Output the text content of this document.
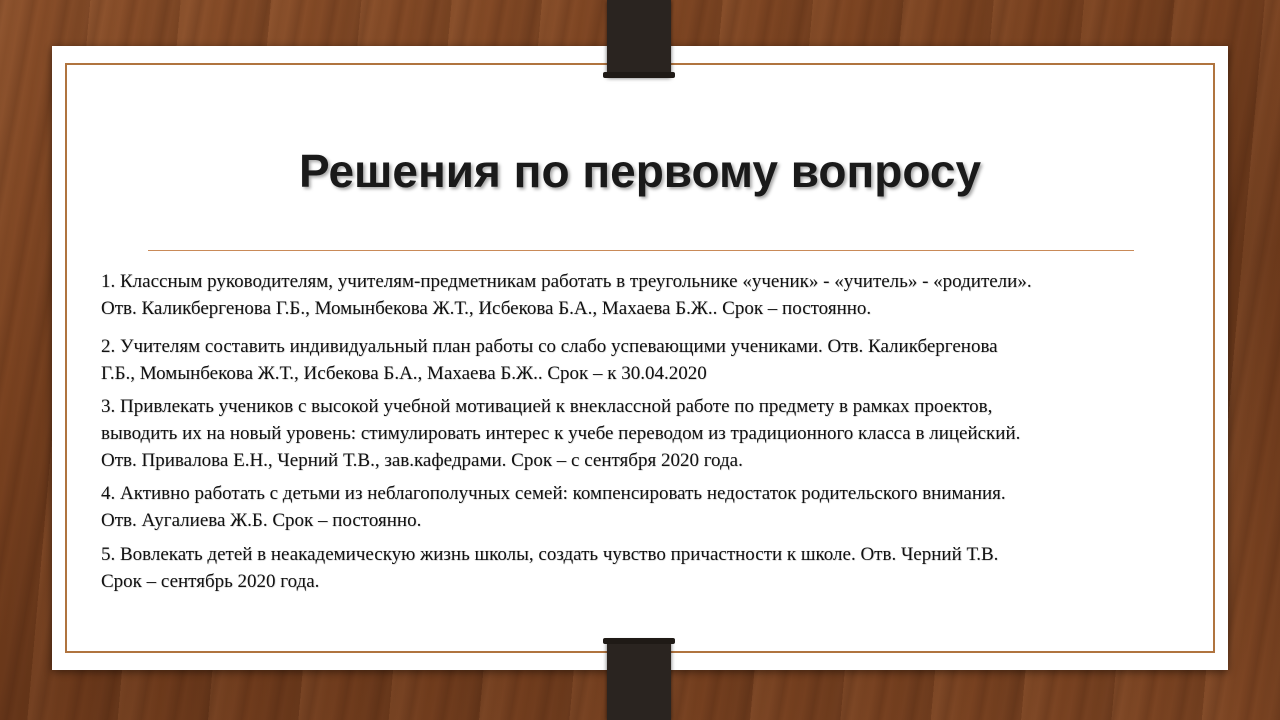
Решения по первому вопросу
1. Классным руководителям, учителям-предметникам работать в треугольнике «ученик» - «учитель» - «родители».
Отв. Каликбергенова Г.Б., Момынбекова Ж.Т., Исбекова Б.А., Махаева Б.Ж.. Срок – постоянно.
2. Учителям составить индивидуальный план работы со слабо успевающими учениками. Отв. Каликбергенова
Г.Б., Момынбекова Ж.Т., Исбекова Б.А., Махаева Б.Ж.. Срок – к 30.04.2020
3. Привлекать учеников с высокой учебной мотивацией к внеклассной работе по предмету в рамках проектов,
выводить их на новый уровень: стимулировать интерес к учебе переводом из традиционного класса в лицейский.
Отв. Привалова Е.Н., Черний Т.В., зав.кафедрами. Срок – с сентября 2020 года.
4. Активно работать с детьми из неблагополучных семей: компенсировать недостаток родительского внимания.
Отв. Аугалиева Ж.Б. Срок – постоянно.
5. Вовлекать детей в неакадемическую жизнь школы, создать чувство причастности к школе. Отв. Черний Т.В.
Срок – сентябрь 2020 года.
